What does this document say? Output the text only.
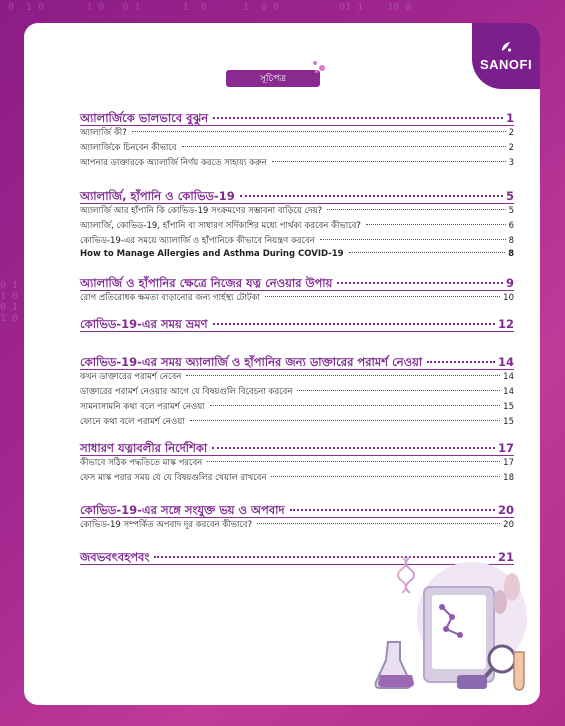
0  1 0       1 0   0 1       1  0      1  0 0          01 1    10 0
0 1
1 0
0 1
1 0
SANOFI
সূচিপত্র
অ্যালার্জিকে ভালভাবে বুঝুন	1
অ্যালার্জি কী?	2
অ্যালার্জিকে চিনবেন কীভাবে	2
আপনার ডাক্তারকে অ্যালার্জি নির্ণয় করতে সাহায্য করুন	3
অ্যালার্জি, হাঁপানি ও কোভিড-19	5
অ্যালার্জি আর হাঁপানি কি কোভিড-19 সংক্রমণের সম্ভাবনা বাড়িয়ে দেয়?	5
অ্যালার্জি, কোভিড-19, হাঁপানি বা সাধারণ সর্দিকাশির মধ্যে পার্থক্য করবেন কীভাবে?	6
কোভিড-19-এর সময়ে অ্যালার্জি ও হাঁপানিকে কীভাবে নিয়ন্ত্রণ করবেন	8
How to Manage Allergies and Asthma During COVID-19	8
অ্যালার্জি ও হাঁপানির ক্ষেত্রে নিজের যত্ন নেওয়ার উপায়	9
রোগ প্রতিরোধক ক্ষমতা বাড়ানোর জন্য গার্হস্থ্য টোটকা	10
কোভিড-19-এর সময় ভ্রমণ	12
কোভিড-19-এর সময় অ্যালার্জি ও হাঁপানির জন্য ডাক্তারের পরামর্শ নেওয়া	14
কখন ডাক্তারের পরামর্শ নেবেন	14
ডাক্তারের পরামর্শ নেওয়ার আগে যে বিষয়গুলি বিবেচনা করবেন	14
সামনাসামনি কথা বলে পরামর্শ নেওয়া	15
ফোনে কথা বলে পরামর্শ নেওয়া	15
সাধারণ যত্নাবলীর নির্দেশিকা	17
কীভাবে সঠিক পদ্ধতিতে মাস্ক পরবেন	17
ফেস মাস্ক পরার সময় যে যে বিষয়গুলির খেয়াল রাখবেন	18
কোভিড-19-এর সঙ্গে সংযুক্ত ভয় ও অপবাদ	20
কোভিড-19 সম্পর্কিত অপবাদ দূর করবেন কীভাবে?	20
জবভবৎবহপবং	21
